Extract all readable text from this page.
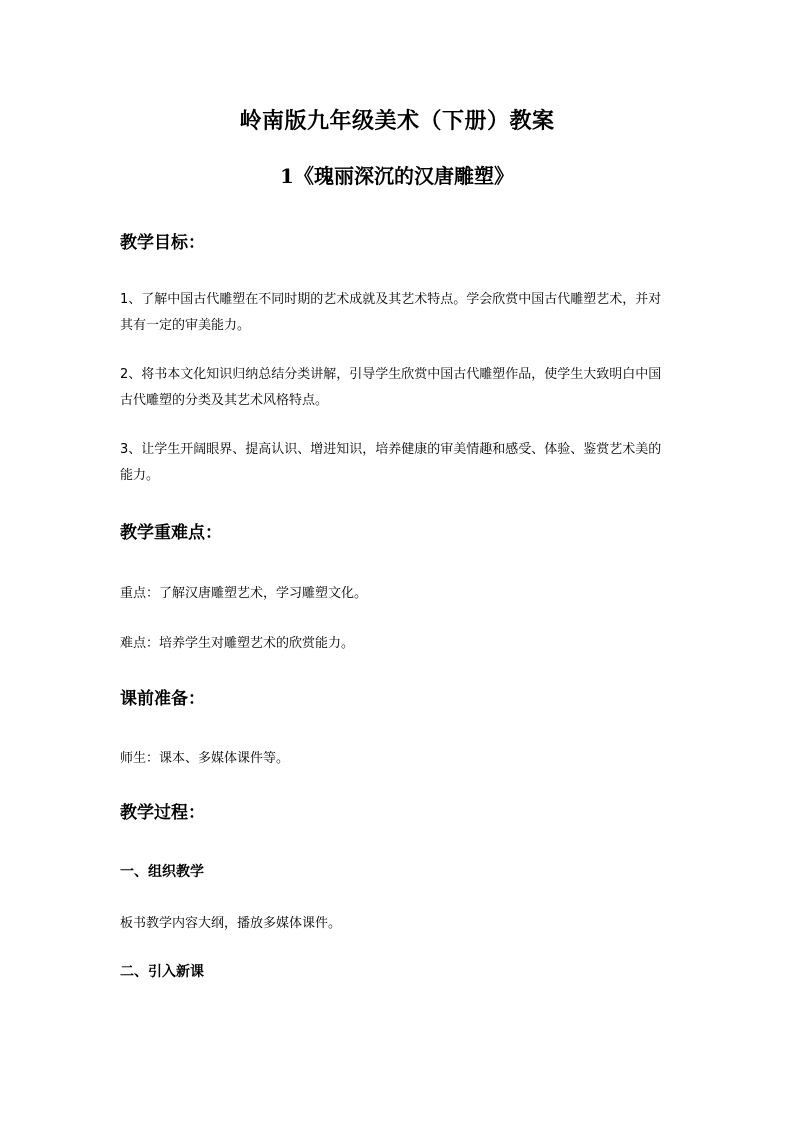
岭南版九年级美术（下册）教案
1《瑰丽深沉的汉唐雕塑》
教学目标：
1、了解中国古代雕塑在不同时期的艺术成就及其艺术特点。学会欣赏中国古代雕塑艺术，并对其有一定的审美能力。
2、将书本文化知识归纳总结分类讲解，引导学生欣赏中国古代雕塑作品，使学生大致明白中国古代雕塑的分类及其艺术风格特点。
3、让学生开阔眼界、提高认识、增进知识，培养健康的审美情趣和感受、体验、鉴赏艺术美的能力。
教学重难点：
重点：了解汉唐雕塑艺术，学习雕塑文化。
难点：培养学生对雕塑艺术的欣赏能力。
课前准备：
师生：课本、多媒体课件等。
教学过程：
一、组织教学
板书教学内容大纲，播放多媒体课件。
二、引入新课
